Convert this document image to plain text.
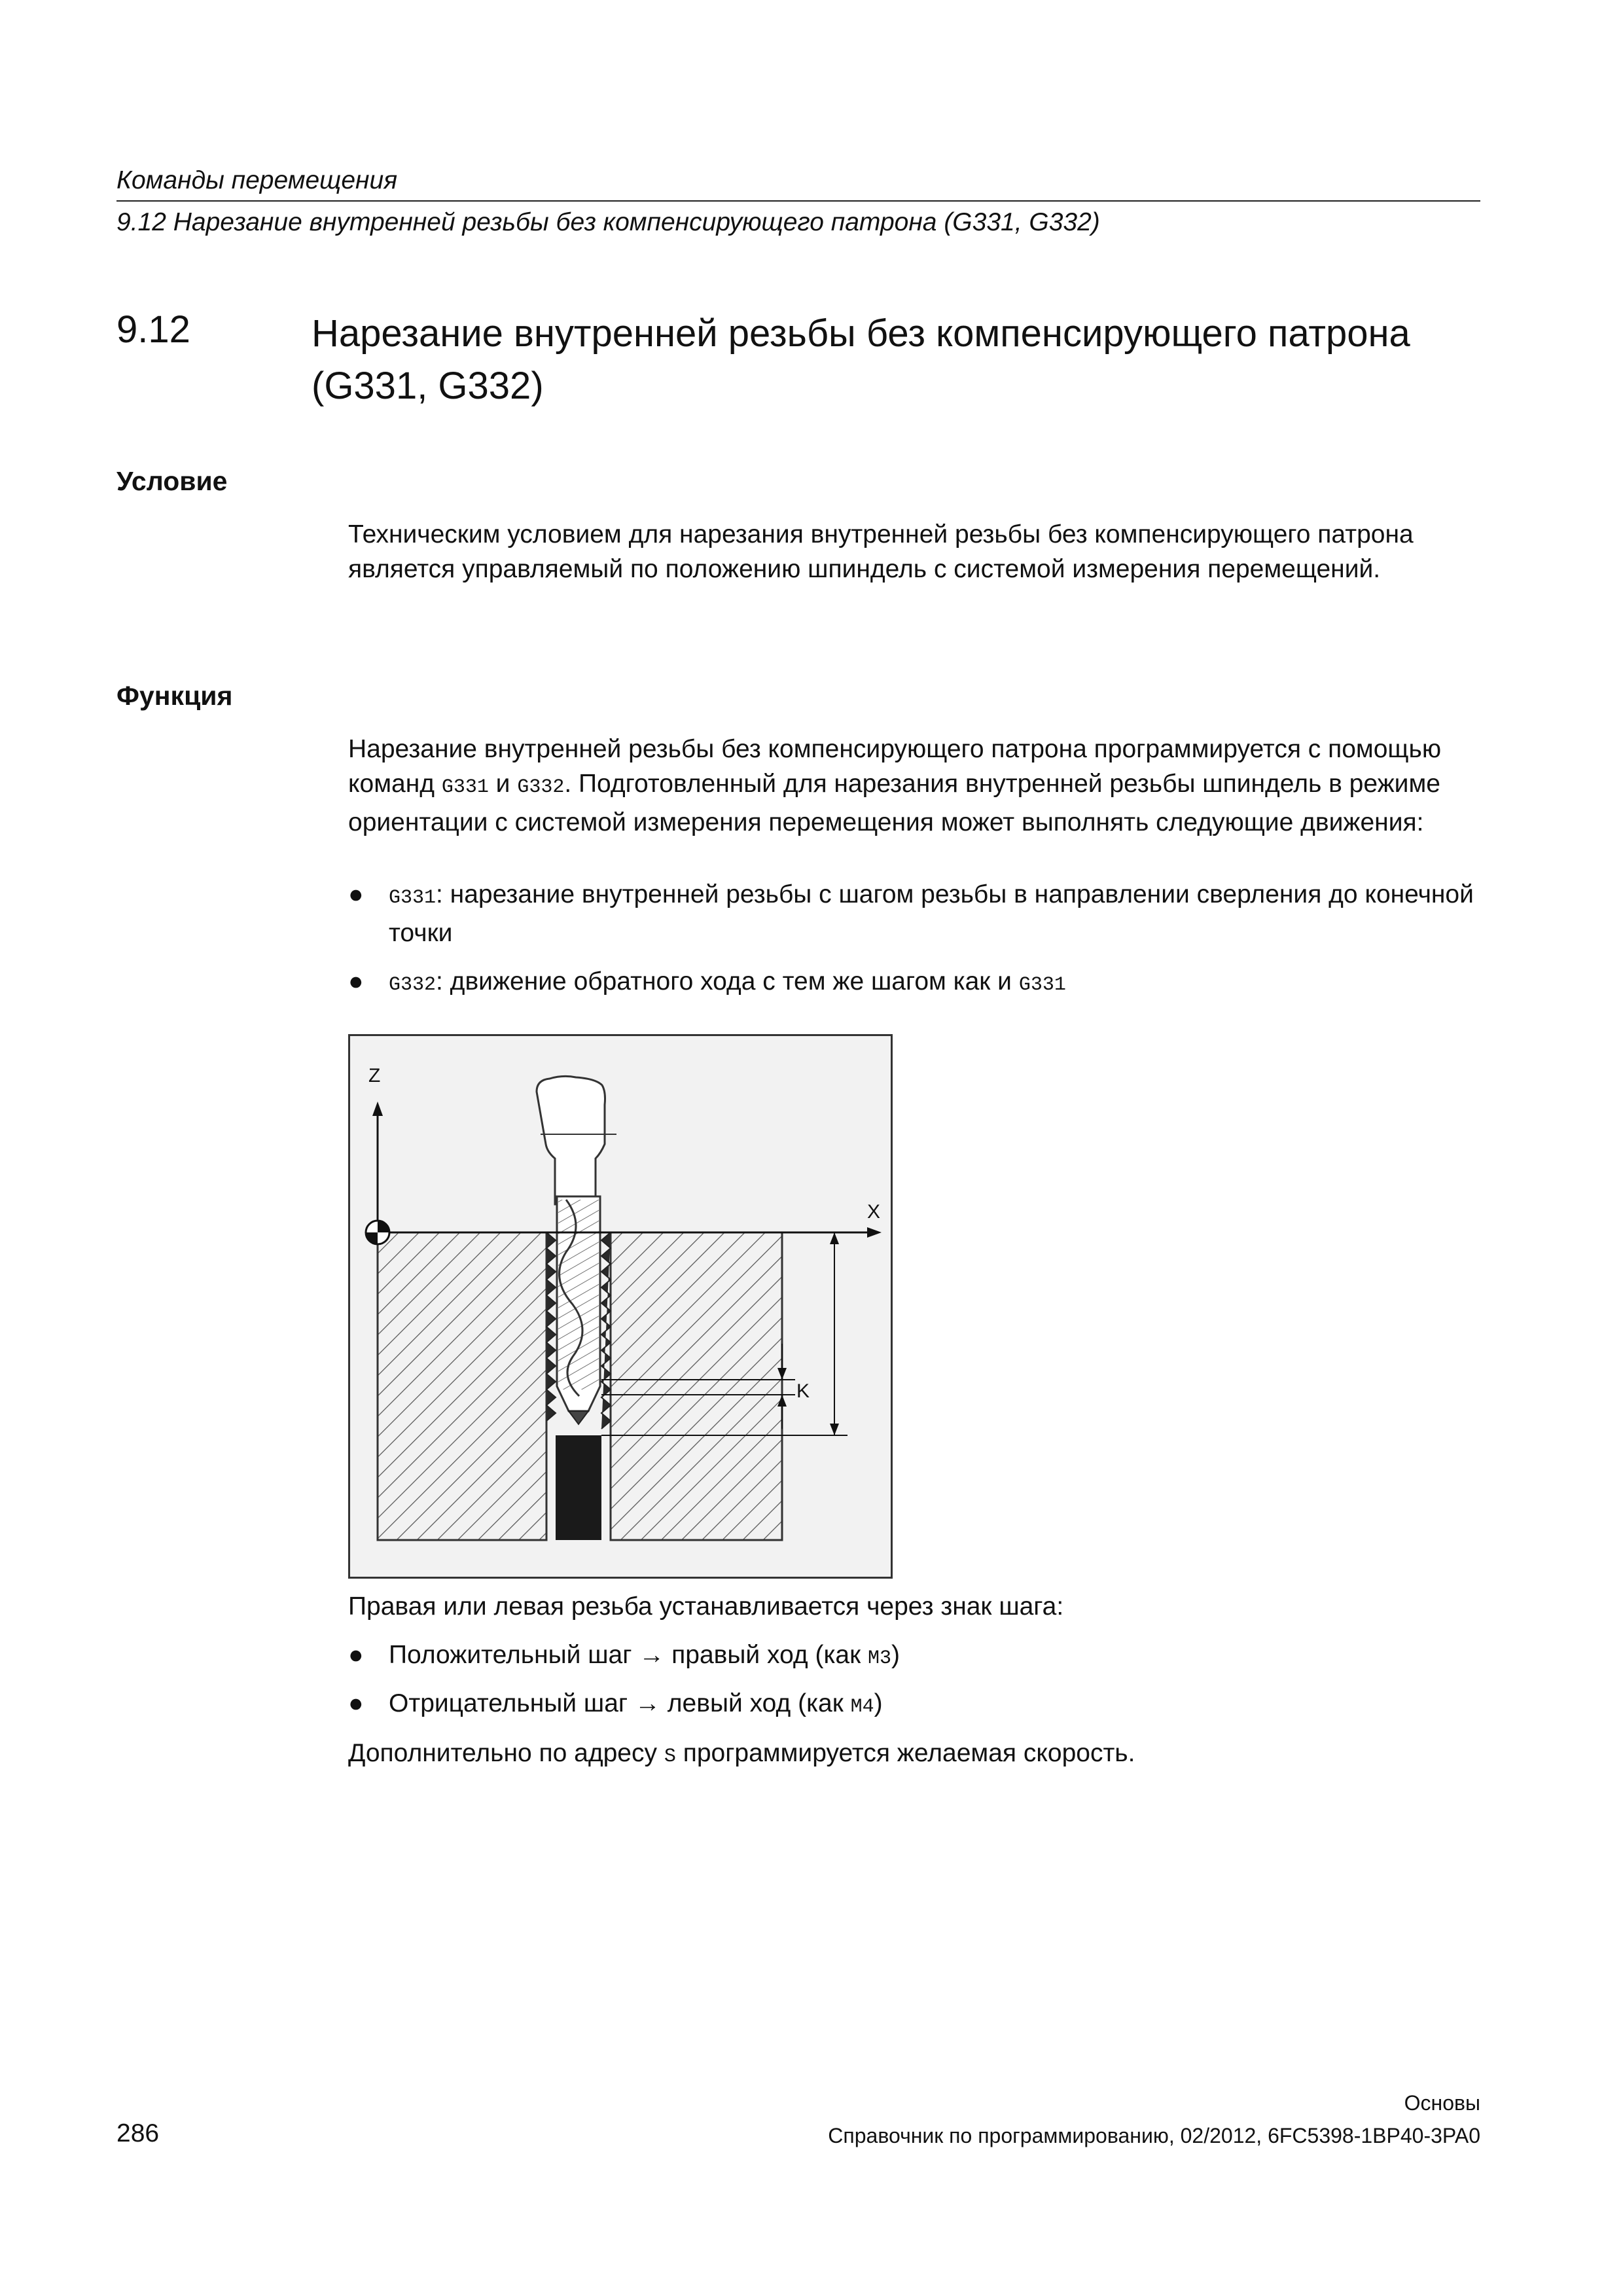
Команды перемещения
9.12 Нарезание внутренней резьбы без компенсирующего патрона (G331, G332)
9.12	Нарезание внутренней резьбы без компенсирующего патрона (G331, G332)
Условие
Техническим условием для нарезания внутренней резьбы без компенсирующего патрона является управляемый по положению шпиндель с системой измерения перемещений.
Функция
Нарезание внутренней резьбы без компенсирующего патрона программируется с помощью команд G331 и G332. Подготовленный для нарезания внутренней резьбы шпиндель в режиме ориентации с системой измерения перемещения может выполнять следующие движения:
● G331: нарезание внутренней резьбы с шагом резьбы в направлении сверления до конечной точки
● G332: движение обратного хода с тем же шагом как и G331
Z
X
K
Правая или левая резьба устанавливается через знак шага:
● Положительный шаг → правый ход (как M3)
● Отрицательный шаг → левый ход (как M4)
Дополнительно по адресу S программируется желаемая скорость.
286
Основы
Справочник по программированию, 02/2012, 6FC5398-1BP40-3PA0
